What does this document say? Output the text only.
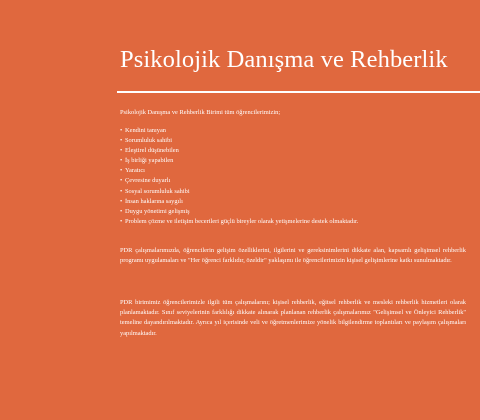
Psikolojik Danışma ve Rehberlik

Psikolojik Danışma ve Rehberlik Birimi tüm öğrencilerimizin;

• Kendini tanıyan
• Sorumluluk sahibi
• Eleştirel düşünebilen
• İş birliği yapabilen
• Yaratıcı
• Çevresine duyarlı
• Sosyal sorumluluk sahibi
• İnsan haklarına saygılı
• Duygu yönetimi gelişmiş
• Problem çözme ve iletişim becerileri güçlü bireyler olarak yetişmelerine destek olmaktadır.

PDR çalışmalarımızda, öğrencilerin gelişim özelliklerini, ilgilerini ve gereksinimlerini dikkate alan, kapsamlı gelişimsel rehberlik programı uygulamaları ve "Her öğrenci farklıdır, özeldir" yaklaşımı ile öğrencilerimizin kişisel gelişimlerine katkı sunulmaktadır.

PDR birimimiz öğrencilerimizle ilgili tüm çalışmalarını; kişisel rehberlik, eğitsel rehberlik ve mesleki rehberlik hizmetleri olarak planlamaktadır. Sınıf seviyelerinin farklılığı dikkate alınarak planlanan rehberlik çalışmalarımız "Gelişimsel ve Önleyici Rehberlik" temeline dayandırılmaktadır. Ayrıca yıl içerisinde veli ve öğretmenlerimize yönelik bilgilendirme toplantıları ve paylaşım çalışmaları yapılmaktadır.
